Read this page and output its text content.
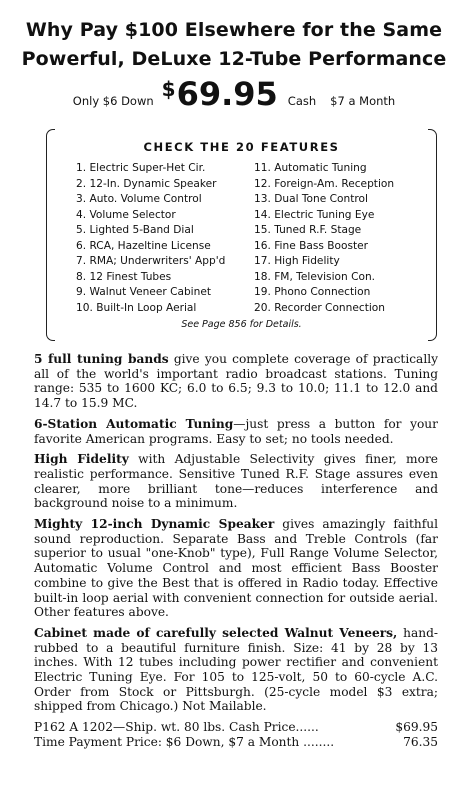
Why Pay $100 Elsewhere for the Same
Powerful, DeLuxe 12-Tube Performance
Only $6 Down $69.95 Cash $7 a Month
CHECK THE 20 FEATURES
1. Electric Super-Het Cir.
2. 12-In. Dynamic Speaker
3. Auto. Volume Control
4. Volume Selector
5. Lighted 5-Band Dial
6. RCA, Hazeltine License
7. RMA; Underwriters' App'd
8. 12 Finest Tubes
9. Walnut Veneer Cabinet
10. Built-In Loop Aerial
11. Automatic Tuning
12. Foreign-Am. Reception
13. Dual Tone Control
14. Electric Tuning Eye
15. Tuned R.F. Stage
16. Fine Bass Booster
17. High Fidelity
18. FM, Television Con.
19. Phono Connection
20. Recorder Connection
See Page 856 for Details.

5 full tuning bands give you complete coverage of practically all of the world's important radio broadcast stations. Tuning range: 535 to 1600 KC; 6.0 to 6.5; 9.3 to 10.0; 11.1 to 12.0 and 14.7 to 15.9 MC.

6-Station Automatic Tuning—just press a button for your favorite American programs. Easy to set; no tools needed.

High Fidelity with Adjustable Selectivity gives finer, more realistic performance. Sensitive Tuned R.F. Stage assures even clearer, more brilliant tone—reduces interference and background noise to a minimum.

Mighty 12-inch Dynamic Speaker gives amazingly faithful sound reproduction. Separate Bass and Treble Controls (far superior to usual "one-Knob" type), Full Range Volume Selector, Automatic Volume Control and most efficient Bass Booster combine to give the Best that is offered in Radio today. Effective built-in loop aerial with convenient connection for outside aerial. Other features above.

Cabinet made of carefully selected Walnut Veneers, hand-rubbed to a beautiful furniture finish. Size: 41 by 28 by 13 inches. With 12 tubes including power rectifier and convenient Electric Tuning Eye. For 105 to 125-volt, 50 to 60-cycle A.C. Order from Stock or Pittsburgh. (25-cycle model $3 extra; shipped from Chicago.) Not Mailable.

P162 A 1202—Ship. wt. 80 lbs. Cash Price......	$69.95
Time Payment Price: $6 Down, $7 a Month ........	76.35
